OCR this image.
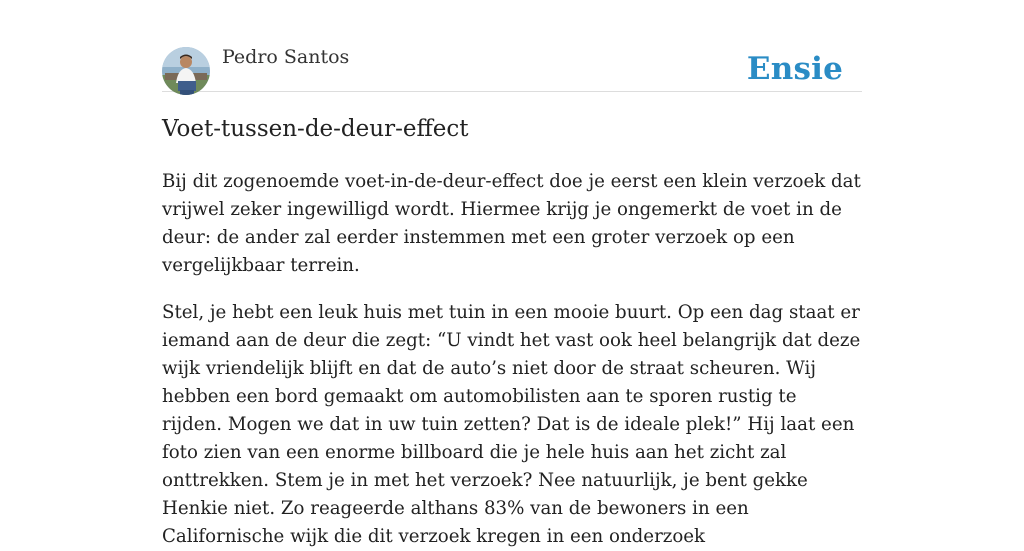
Pedro Santos	Ensie
Voet-tussen-de-deur-effect

Bij dit zogenoemde voet-in-de-deur-effect doe je eerst een klein verzoek dat vrijwel zeker ingewilligd wordt. Hiermee krijg je ongemerkt de voet in de deur: de ander zal eerder instemmen met een groter verzoek op een vergelijkbaar terrein.

Stel, je hebt een leuk huis met tuin in een mooie buurt. Op een dag staat er iemand aan de deur die zegt: “U vindt het vast ook heel belangrijk dat deze wijk vriendelijk blijft en dat de auto’s niet door de straat scheuren. Wij hebben een bord gemaakt om automobilisten aan te sporen rustig te rijden. Mogen we dat in uw tuin zetten? Dat is de ideale plek!” Hij laat een foto zien van een enorme billboard die je hele huis aan het zicht zal onttrekken. Stem je in met het verzoek? Nee natuurlijk, je bent gekke Henkie niet. Zo reageerde althans 83% van de bewoners in een Californische wijk die dit verzoek kregen in een onderzoek
